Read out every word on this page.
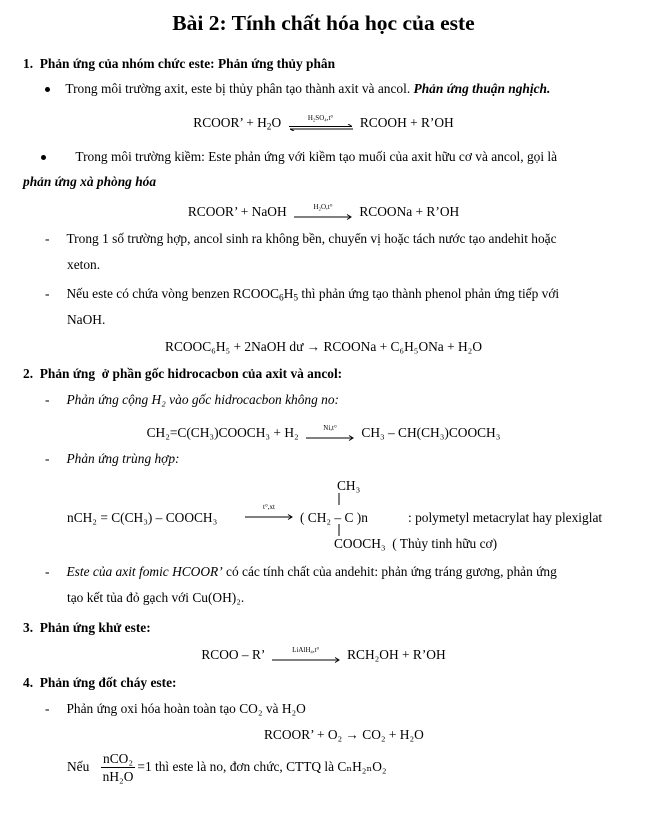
Bài 2: Tính chất hóa học của este
1.  Phản ứng của nhóm chức este: Phản ứng thủy phân
Trong môi trường axit, este bị thủy phân tạo thành axit và ancol. Phản ứng thuận nghịch.
RCOOR’ + $H_2O$	H₂SO₄,t°	RCOOH + R’OH
Trong môi trường kiềm: Este phản ứng với kiềm tạo muối của axit hữu cơ và ancol, gọi là
phản ứng xà phòng hóa
RCOOR’ + NaOH	H₂O,t°	RCOONa + R’OH
- Trong 1 số trường hợp, ancol sinh ra không bền, chuyển vị hoặc tách nước tạo andehit hoặc
xeton.
- Nếu este có chứa vòng benzen $RCOOC_6H_5$ thì phản ứng tạo thành phenol phản ứng tiếp với
NaOH.
RCOOC₆H₅ + 2NaOH dư → RCOONa + C₆H₅ONa + H₂O
2.  Phản ứng  ở phần gốc hidrocacbon của axit và ancol:
- Phản ứng cộng H₂ vào gốc hidrocacbon không no:
CH₂=C(CH₃)COOCH₃ + H₂	Ni,t°	CH₃ – CH(CH₃)COOCH₃
- Phản ứng trùng hợp:
CH₃
nCH₂ = C(CH₃) – COOCH₃
t°,xt
( CH₂ – C )n	: polymetyl metacrylat hay plexiglat
COOCH₃  ( Thủy tinh hữu cơ)
- Este của axit fomic HCOOR’ có các tính chất của andehit: phản ứng tráng gương, phản ứng
tạo kết tủa đỏ gạch với Cu(OH)₂.
3.  Phản ứng khử este:
RCOO – R’	LiAlH₄,t°	RCH₂OH + R’OH
4.  Phản ứng đốt cháy este:
- Phản ứng oxi hóa hoàn toàn tạo CO₂ và H₂O
RCOOR’ + O₂ → CO₂ + H₂O
Nếu $\frac{\text{nCO₂}}{\text{nH₂O}} =1$ thì este là no, đơn chức, CTTQ là CₙH₂ₙO₂
